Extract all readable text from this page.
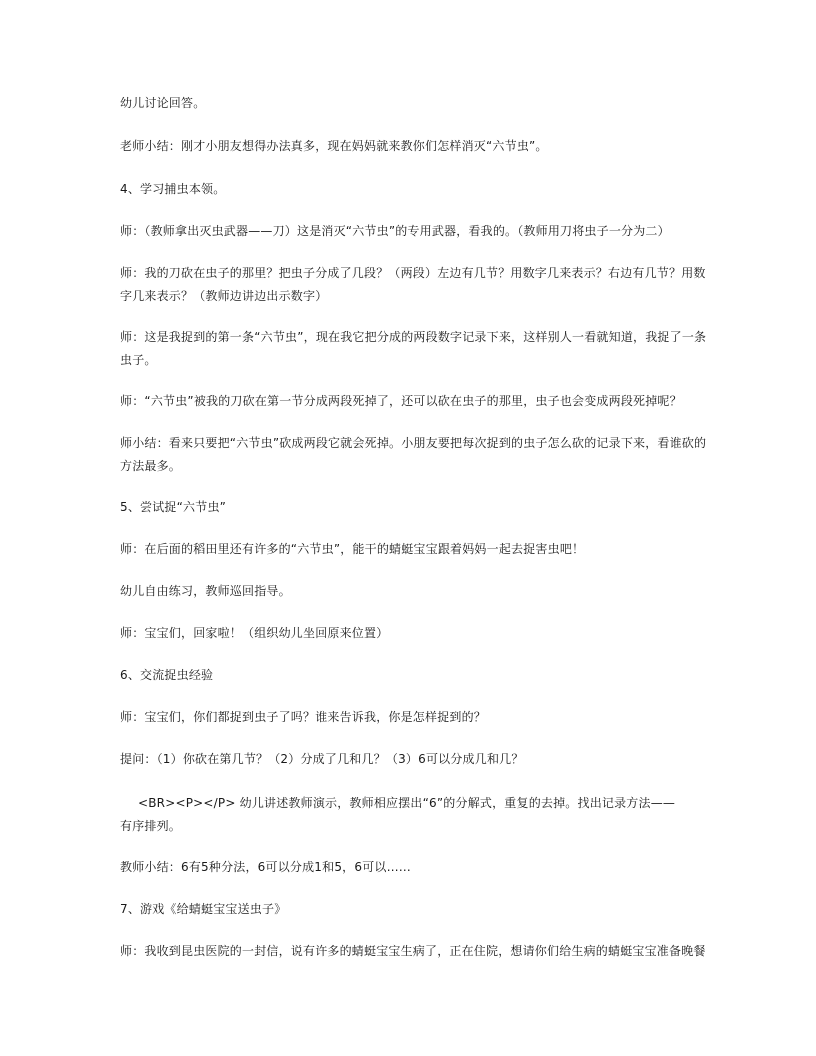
幼儿讨论回答。
老师小结：刚才小朋友想得办法真多，现在妈妈就来教你们怎样消灭“六节虫”。
4、学习捕虫本领。
师：（教师拿出灭虫武器——刀）这是消灭“六节虫”的专用武器，看我的。（教师用刀将虫子一分为二）
师：我的刀砍在虫子的那里？把虫子分成了几段？（两段）左边有几节？用数字几来表示？右边有几节？用数
字几来表示？（教师边讲边出示数字）
师：这是我捉到的第一条“六节虫”，现在我它把分成的两段数字记录下来，这样别人一看就知道，我捉了一条
虫子。
师：“六节虫”被我的刀砍在第一节分成两段死掉了，还可以砍在虫子的那里，虫子也会变成两段死掉呢？
师小结：看来只要把“六节虫”砍成两段它就会死掉。小朋友要把每次捉到的虫子怎么砍的记录下来，看谁砍的
方法最多。
5、尝试捉“六节虫”
师：在后面的稻田里还有许多的“六节虫”，能干的蜻蜓宝宝跟着妈妈一起去捉害虫吧！
幼儿自由练习，教师巡回指导。
师：宝宝们，回家啦！（组织幼儿坐回原来位置）
6、交流捉虫经验
师：宝宝们，你们都捉到虫子了吗？谁来告诉我，你是怎样捉到的？
提问：（1）你砍在第几节？（2）分成了几和几？（3）6可以分成几和几？
<BR><P></P> 幼儿讲述教师演示，教师相应摆出“6”的分解式，重复的去掉。找出记录方法——
有序排列。
教师小结：6有5种分法，6可以分成1和5，6可以……
7、游戏《给蜻蜓宝宝送虫子》
师：我收到昆虫医院的一封信，说有许多的蜻蜓宝宝生病了，正在住院，想请你们给生病的蜻蜓宝宝准备晚餐
